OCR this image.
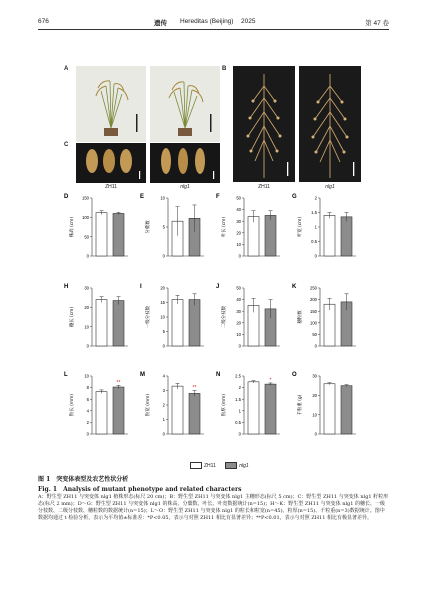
676	遗传 Hereditas (Beijing) 2025	第 47 卷
A
C
ZH11	nlg1
B
ZH11	nlg1
D
0
50
100
150
株高 (cm)
E
0
5
10
分蘖数
F
0
10
20
30
40
50
叶长 (cm)
G
0
0.5
1
1.5
2
叶宽 (cm)
H
0
10
20
30
穗长 (cm)
I
0
5
10
15
20
一级分枝数
J
0
10
20
30
40
50
二级分枝数
K
0
50
100
150
200
250
穗粒数
L
0
2
4
6
8
10
粒长 (mm)
**
M
0
1
2
3
4
粒宽 (mm)
**
N
0
0.5
1
1.5
2
2.5
粒厚 (mm)
*
O
0
10
20
30
千粒重 (g)
ZH11	nlg1
图 1　突变体表型及农艺性状分析
Fig. 1　Analysis of mutant phenotype and related characters
A：野生型 ZH11 与突变体 nlg1 植株形态(标尺 20 cm)；B：野生型 ZH11 与突变体 nlg1 主穗形态(标尺 5 cm)；C：野生型 ZH11 与突变体 nlg1 籽粒形态(标尺 2 mm)；D～G：野生型 ZH11 与突变体 nlg1 的株高、分蘖数、叶长、叶宽数据统计(n=15)；H～K：野生型 ZH11 与突变体 nlg1 的穗长、一级分枝数、二级分枝数、穗粒数的数据统计(n=15)；L～O：野生型 ZH11 与突变体 nlg1 的粒长和粒宽(n=45)、粒厚(n=15)、千粒重(n=3)数据统计。图中数据均通过 t 检验分析，表示为平均值±标准差：*P<0.05，表示与对照 ZH11 相比有显著差异；**P<0.01，表示与对照 ZH11 相比有极显著差异。
